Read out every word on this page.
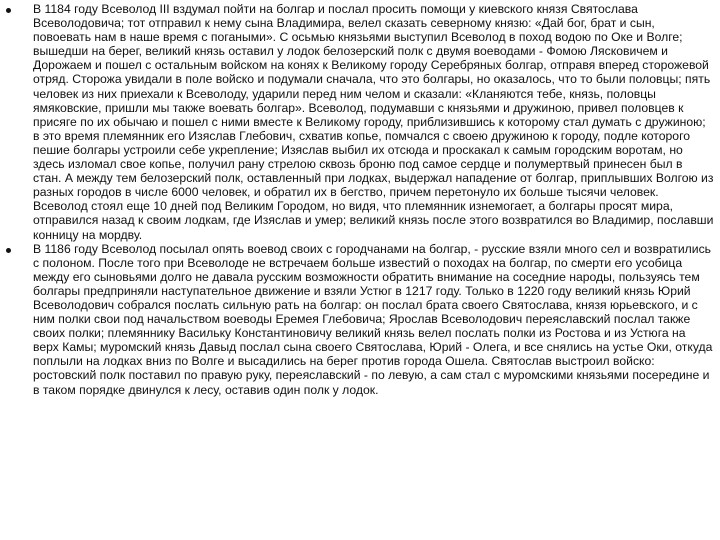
В 1184 году Всеволод III вздумал пойти на болгар и послал просить помощи у киевского князя Святослава Всеволодовича; тот отправил к нему сына Владимира, велел сказать северному князю: «Дай бог, брат и сын, повоевать нам в наше время с погаными». С осьмью князьями выступил Всеволод в поход водою по Оке и Волге; вышедши на берег, великий князь оставил у лодок белозерский полк с двумя воеводами - Фомою Лясковичем и Дорожаем и пошел с остальным войском на конях к Великому городу Серебряных болгар, отправя вперед сторожевой отряд. Сторожа увидали в поле войско и подумали сначала, что это болгары, но оказалось, что то были половцы; пять человек из них приехали к Всеволоду, ударили перед ним челом и сказали: «Кланяются тебе, князь, половцы ямяковские, пришли мы также воевать болгар». Всеволод, подумавши с князьями и дружиною, привел половцев к присяге по их обычаю и пошел с ними вместе к Великому городу, приблизившись к которому стал думать с дружиною; в это время племянник его Изяслав Глебович, схватив копье, помчался с своею дружиною к городу, подле которого пешие болгары устроили себе укрепление; Изяслав выбил их отсюда и проскакал к самым городским воротам, но здесь изломал свое копье, получил рану стрелою сквозь броню под самое сердце и полумертвый принесен был в стан. А между тем белозерский полк, оставленный при лодках, выдержал нападение от болгар, приплывших Волгою из разных городов в числе 6000 человек, и обратил их в бегство, причем перетонуло их больше тысячи человек. Всеволод стоял еще 10 дней под Великим Городом, но видя, что племянник изнемогает, а болгары просят мира, отправился назад к своим лодкам, где Изяслав и умер; великий князь после этого возвратился во Владимир, пославши конницу на мордву.
В 1186 году Всеволод посылал опять воевод своих с городчанами на болгар, - русские взяли много сел и возвратились с полоном. После того при Всеволоде не встречаем больше известий о походах на болгар, по смерти его усобица между его сыновьями долго не давала русским возможности обратить внимание на соседние народы, пользуясь тем болгары предприняли наступательное движение и взяли Устюг в 1217 году. Только в 1220 году великий князь Юрий Всеволодович собрался послать сильную рать на болгар: он послал брата своего Святослава, князя юрьевского, и с ним полки свои под начальством воеводы Еремея Глебовича; Ярослав Всеволодович переяславский послал также своих полки; племяннику Васильку Константиновичу великий князь велел послать полки из Ростова и из Устюга на верх Камы; муромский князь Давыд послал сына своего Святослава, Юрий - Олега, и все снялись на устье Оки, откуда поплыли на лодках вниз по Волге и высадились на берег против города Ошела. Святослав выстроил войско: ростовский полк поставил по правую руку, переяславский - по левую, а сам стал с муромскими князьями посередине и в таком порядке двинулся к лесу, оставив один полк у лодок.
